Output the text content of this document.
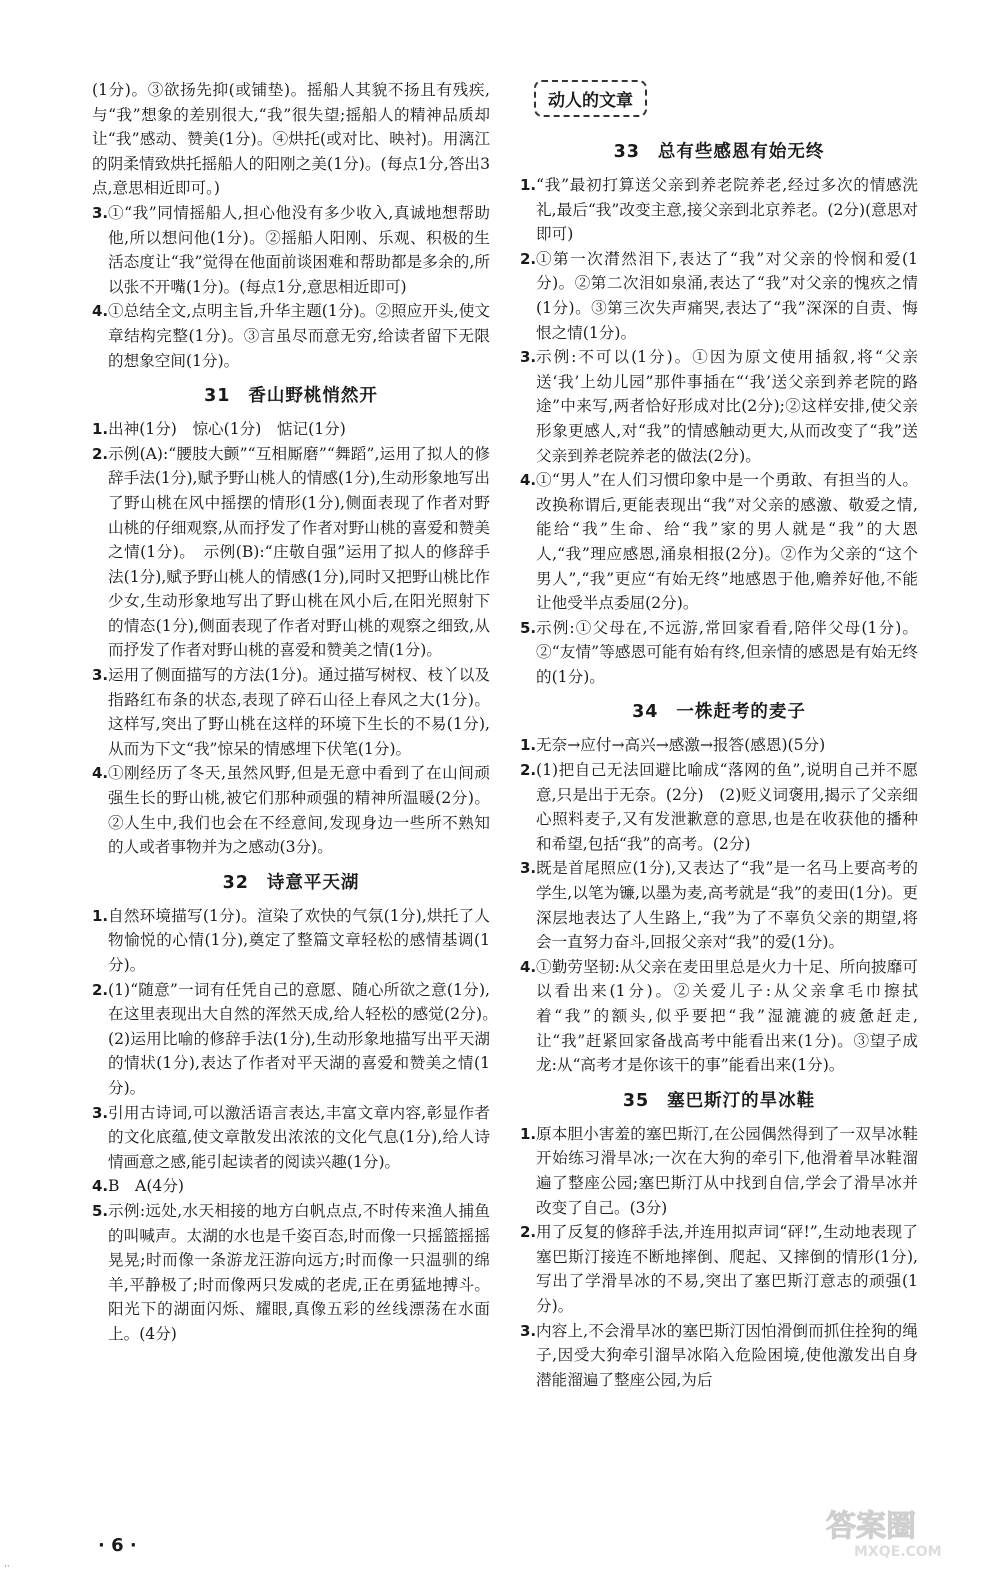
(1分)。③欲扬先抑(或铺垫)。摇船人其貌不扬且有残疾,与“我”想象的差别很大,“我”很失望;摇船人的精神品质却让“我”感动、赞美(1分)。④烘托(或对比、映衬)。用漓江的阴柔情致烘托摇船人的阳刚之美(1分)。(每点1分,答出3点,意思相近即可。)

3. ①“我”同情摇船人,担心他没有多少收入,真诚地想帮助他,所以想问他(1分)。②摇船人阳刚、乐观、积极的生活态度让“我”觉得在他面前谈困难和帮助都是多余的,所以张不开嘴(1分)。(每点1分,意思相近即可)
4. ①总结全文,点明主旨,升华主题(1分)。②照应开头,使文章结构完整(1分)。③言虽尽而意无穷,给读者留下无限的想象空间(1分)。
31 香山野桃悄然开
1. 出神(1分)　惊心(1分)　惦记(1分)
2. 示例(A):“腰肢大颤”“互相厮磨”“舞蹈”,运用了拟人的修辞手法(1分),赋予野山桃人的情感(1分),生动形象地写出了野山桃在风中摇摆的情形(1分),侧面表现了作者对野山桃的仔细观察,从而抒发了作者对野山桃的喜爱和赞美之情(1分)。　示例(B):“庄敬自强”运用了拟人的修辞手法(1分),赋予野山桃人的情感(1分),同时又把野山桃比作少女,生动形象地写出了野山桃在风小后,在阳光照射下的情态(1分),侧面表现了作者对野山桃的观察之细致,从而抒发了作者对野山桃的喜爱和赞美之情(1分)。
3. 运用了侧面描写的方法(1分)。通过描写树杈、枝丫以及指路红布条的状态,表现了碎石山径上春风之大(1分)。这样写,突出了野山桃在这样的环境下生长的不易(1分),从而为下文“我”惊呆的情感埋下伏笔(1分)。
4. ①刚经历了冬天,虽然风野,但是无意中看到了在山间顽强生长的野山桃,被它们那种顽强的精神所温暖(2分)。②人生中,我们也会在不经意间,发现身边一些所不熟知的人或者事物并为之感动(3分)。
32 诗意平天湖
1. 自然环境描写(1分)。渲染了欢快的气氛(1分),烘托了人物愉悦的心情(1分),奠定了整篇文章轻松的感情基调(1分)。
2. (1)“随意”一词有任凭自己的意愿、随心所欲之意(1分),在这里表现出大自然的浑然天成,给人轻松的感觉(2分)。　(2)运用比喻的修辞手法(1分),生动形象地描写出平天湖的情状(1分),表达了作者对平天湖的喜爱和赞美之情(1分)。
3. 引用古诗词,可以激活语言表达,丰富文章内容,彰显作者的文化底蕴,使文章散发出浓浓的文化气息(1分),给人诗情画意之感,能引起读者的阅读兴趣(1分)。
4. B　A(4分)
5. 示例:远处,水天相接的地方白帆点点,不时传来渔人捕鱼的叫喊声。太湖的水也是千姿百态,时而像一只摇篮摇摇晃晃;时而像一条游龙汪游向远方;时而像一只温驯的绵羊,平静极了;时而像两只发威的老虎,正在勇猛地搏斗。阳光下的湖面闪烁、耀眼,真像五彩的丝线漂荡在水面上。(4分)
动人的文章
33 总有些感恩有始无终
1. “我”最初打算送父亲到养老院养老,经过多次的情感洗礼,最后“我”改变主意,接父亲到北京养老。(2分)(意思对即可)
2. ①第一次潸然泪下,表达了“我”对父亲的怜悯和爱(1分)。②第二次泪如泉涌,表达了“我”对父亲的愧疚之情(1分)。③第三次失声痛哭,表达了“我”深深的自责、悔恨之情(1分)。
3. 示例:不可以(1分)。①因为原文使用插叙,将“父亲送‘我’上幼儿园”那件事插在“‘我’送父亲到养老院的路途”中来写,两者恰好形成对比(2分);②这样安排,使父亲形象更感人,对“我”的情感触动更大,从而改变了“我”送父亲到养老院养老的做法(2分)。
4. ①“男人”在人们习惯印象中是一个勇敢、有担当的人。改换称谓后,更能表现出“我”对父亲的感激、敬爱之情,能给“我”生命、给“我”家的男人就是“我”的大恩人,“我”理应感恩,涌泉相报(2分)。②作为父亲的“这个男人”,“我”更应“有始无终”地感恩于他,赡养好他,不能让他受半点委屈(2分)。
5. 示例:①父母在,不远游,常回家看看,陪伴父母(1分)。②“友情”等感恩可能有始有终,但亲情的感恩是有始无终的(1分)。
34 一株赶考的麦子
1. 无奈→应付→高兴→感激→报答(感恩)(5分)
2. (1)把自己无法回避比喻成“落网的鱼”,说明自己并不愿意,只是出于无奈。(2分)　(2)贬义词褒用,揭示了父亲细心照料麦子,又有发泄歉意的意思,也是在收获他的播种和希望,包括“我”的高考。(2分)
3. 既是首尾照应(1分),又表达了“我”是一名马上要高考的学生,以笔为镰,以墨为麦,高考就是“我”的麦田(1分)。更深层地表达了人生路上,“我”为了不辜负父亲的期望,将会一直努力奋斗,回报父亲对“我”的爱(1分)。
4. ①勤劳坚韧:从父亲在麦田里总是火力十足、所向披靡可以看出来(1分)。②关爱儿子:从父亲拿毛巾擦拭着“我”的额头,似乎要把“我”湿漉漉的疲惫赶走,让“我”赶紧回家备战高考中能看出来(1分)。③望子成龙:从“高考才是你该干的事”能看出来(1分)。
35 塞巴斯汀的旱冰鞋
1. 原本胆小害羞的塞巴斯汀,在公园偶然得到了一双旱冰鞋开始练习滑旱冰;一次在大狗的牵引下,他滑着旱冰鞋溜遍了整座公园;塞巴斯汀从中找到自信,学会了滑旱冰并改变了自己。(3分)
2. 用了反复的修辞手法,并连用拟声词“砰!”,生动地表现了塞巴斯汀接连不断地摔倒、爬起、又摔倒的情形(1分),写出了学滑旱冰的不易,突出了塞巴斯汀意志的顽强(1分)。
3. 内容上,不会滑旱冰的塞巴斯汀因怕滑倒而抓住拴狗的绳子,因受大狗牵引溜旱冰陷入危险困境,使他激发出自身潜能溜遍了整座公园,为后
· 6 ·
答案圈
MXQE.COM
··
